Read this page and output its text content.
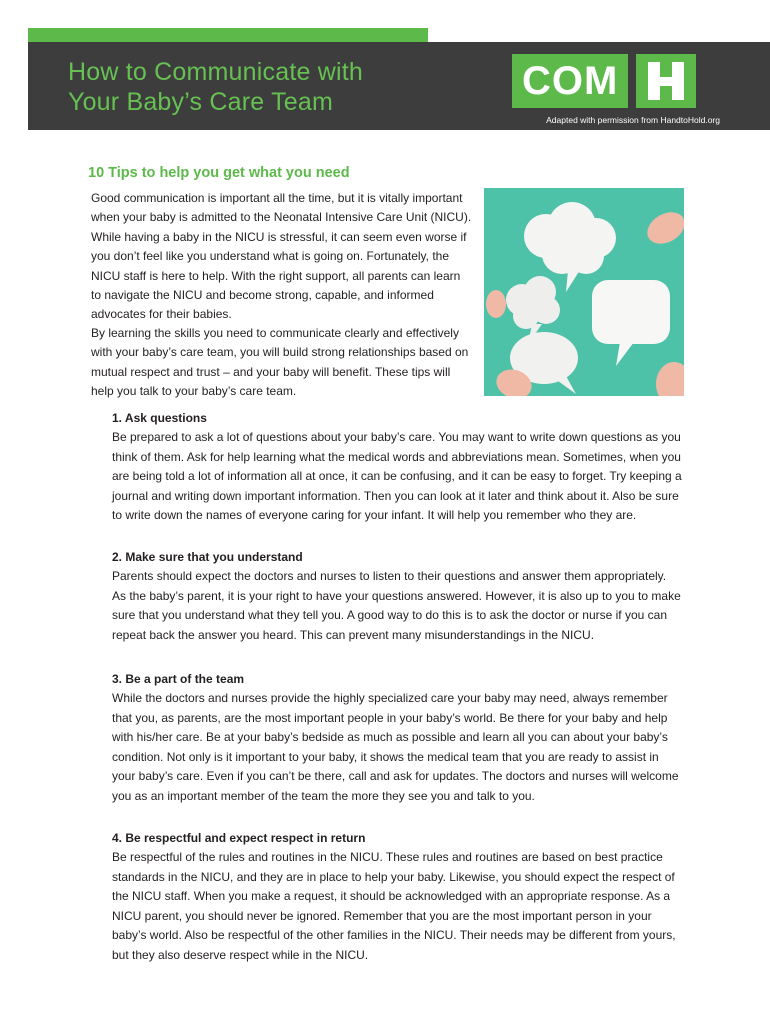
How to Communicate with
Your Baby’s Care Team	COM
Adapted with permission from HandtoHold.org
10 Tips to help you get what you need

Good communication is important all the time, but it is vitally important when your baby is admitted to the Neonatal Intensive Care Unit (NICU). While having a baby in the NICU is stressful, it can seem even worse if you don’t feel like you understand what is going on. Fortunately, the NICU staff is here to help. With the right support, all parents can learn to navigate the NICU and become strong, capable, and informed advocates for their babies.

By learning the skills you need to communicate clearly and effectively with your baby’s care team, you will build strong relationships based on mutual respect and trust – and your baby will benefit. These tips will help you talk to your baby’s care team.

1. Ask questions

Be prepared to ask a lot of questions about your baby’s care. You may want to write down questions as you think of them. Ask for help learning what the medical words and abbreviations mean. Sometimes, when you are being told a lot of information all at once, it can be confusing, and it can be easy to forget. Try keeping a journal and writing down important information. Then you can look at it later and think about it. Also be sure to write down the names of everyone caring for your infant. It will help you remember who they are.

2. Make sure that you understand

Parents should expect the doctors and nurses to listen to their questions and answer them appropriately. As the baby’s parent, it is your right to have your questions answered. However, it is also up to you to make sure that you understand what they tell you. A good way to do this is to ask the doctor or nurse if you can repeat back the answer you heard. This can prevent many misunderstandings in the NICU.

3. Be a part of the team

While the doctors and nurses provide the highly specialized care your baby may need, always remember that you, as parents, are the most important people in your baby’s world. Be there for your baby and help with his/her care. Be at your baby’s bedside as much as possible and learn all you can about your baby’s condition. Not only is it important to your baby, it shows the medical team that you are ready to assist in your baby’s care. Even if you can’t be there, call and ask for updates. The doctors and nurses will welcome you as an important member of the team the more they see you and talk to you.

4. Be respectful and expect respect in return

Be respectful of the rules and routines in the NICU. These rules and routines are based on best practice standards in the NICU, and they are in place to help your baby. Likewise, you should expect the respect of the NICU staff. When you make a request, it should be acknowledged with an appropriate response. As a NICU parent, you should never be ignored. Remember that you are the most important person in your baby’s world. Also be respectful of the other families in the NICU. Their needs may be different from yours, but they also deserve respect while in the NICU.
